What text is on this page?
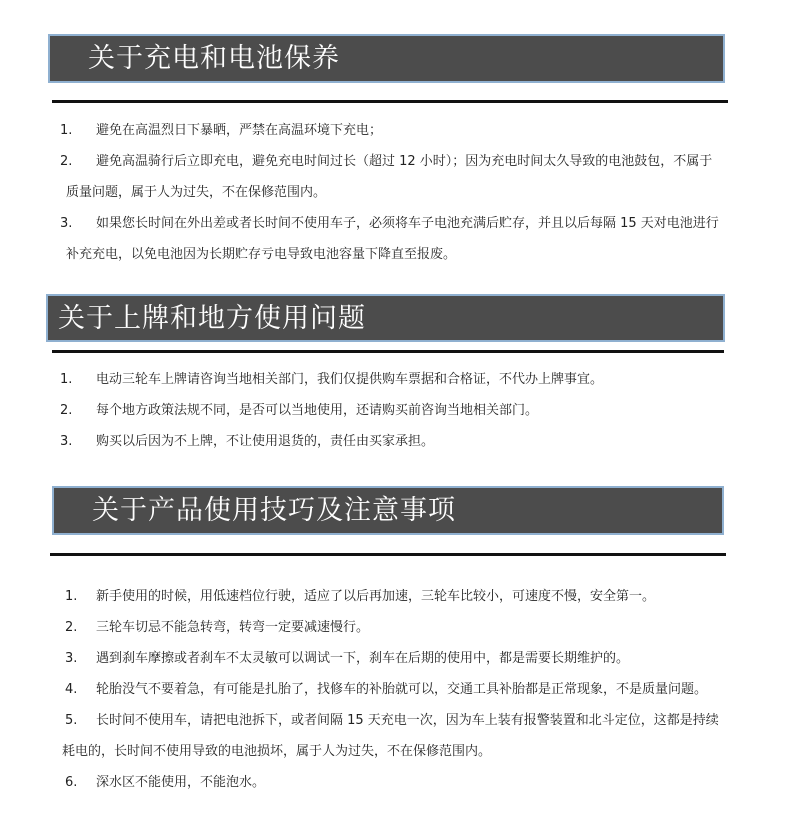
关于充电和电池保养
1. 避免在高温烈日下暴晒，严禁在高温环境下充电；
2. 避免高温骑行后立即充电，避免充电时间过长（超过 12 小时）；因为充电时间太久导致的电池鼓包，不属于
质量问题，属于人为过失，不在保修范围内。
3. 如果您长时间在外出差或者长时间不使用车子，必须将车子电池充满后贮存，并且以后每隔 15 天对电池进行
补充充电，以免电池因为长期贮存亏电导致电池容量下降直至报废。
关于上牌和地方使用问题
1. 电动三轮车上牌请咨询当地相关部门，我们仅提供购车票据和合格证，不代办上牌事宜。
2. 每个地方政策法规不同，是否可以当地使用，还请购买前咨询当地相关部门。
3. 购买以后因为不上牌，不让使用退货的，责任由买家承担。
关于产品使用技巧及注意事项
1. 新手使用的时候，用低速档位行驶，适应了以后再加速，三轮车比较小，可速度不慢，安全第一。
2. 三轮车切忌不能急转弯，转弯一定要减速慢行。
3. 遇到刹车摩擦或者刹车不太灵敏可以调试一下，刹车在后期的使用中，都是需要长期维护的。
4. 轮胎没气不要着急，有可能是扎胎了，找修车的补胎就可以，交通工具补胎都是正常现象，不是质量问题。
5. 长时间不使用车，请把电池拆下，或者间隔 15 天充电一次，因为车上装有报警装置和北斗定位，这都是持续
耗电的，长时间不使用导致的电池损坏，属于人为过失，不在保修范围内。
6. 深水区不能使用，不能泡水。
